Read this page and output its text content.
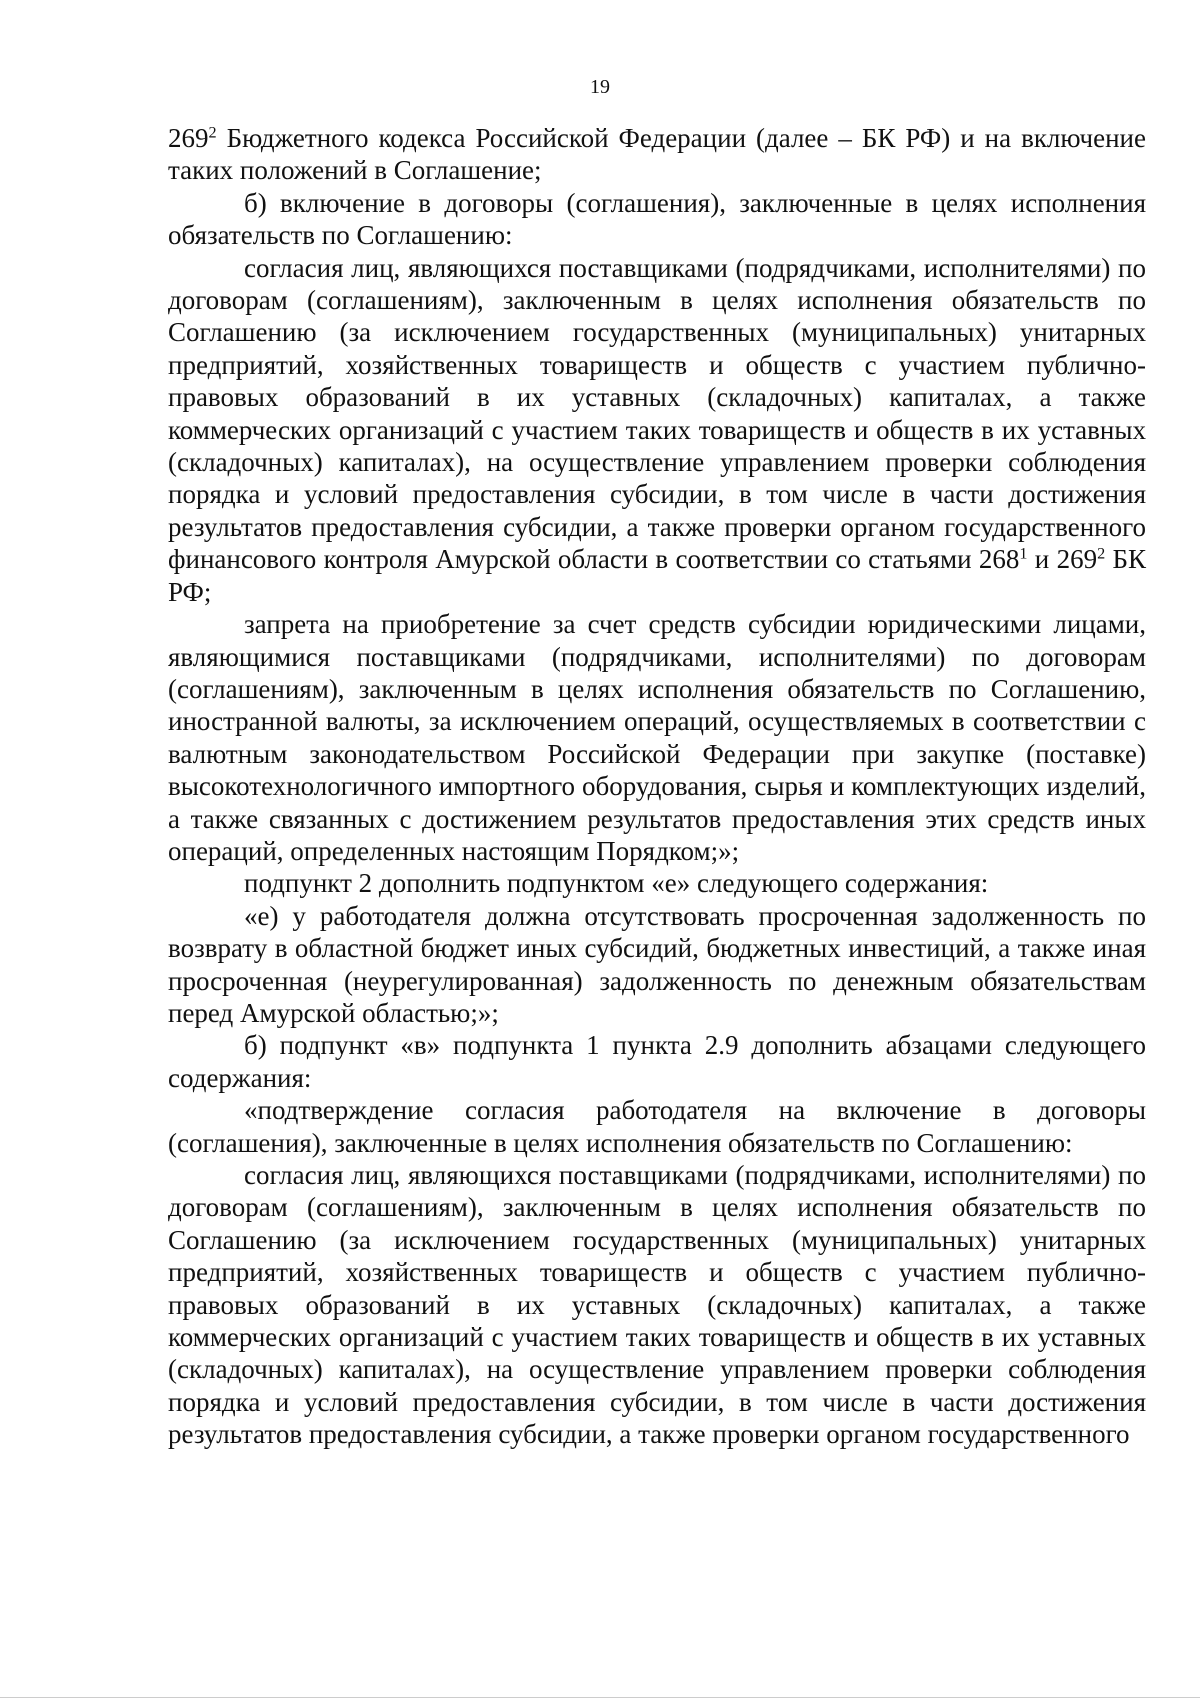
19

$269^2$ Бюджетного кодекса Российской Федерации (далее – БК РФ) и на включение таких положений в Соглашение;

б) включение в договоры (соглашения), заключенные в целях исполнения обязательств по Соглашению:

согласия лиц, являющихся поставщиками (подрядчиками, исполнителями) по договорам (соглашениям), заключенным в целях исполнения обязательств по Соглашению (за исключением государственных (муниципальных) унитарных предприятий, хозяйственных товариществ и обществ с участием публично-правовых образований в их уставных (складочных) капиталах, а также коммерческих организаций с участием таких товариществ и обществ в их уставных (складочных) капиталах), на осуществление управлением проверки соблюдения порядка и условий предоставления субсидии, в том числе в части достижения результатов предоставления субсидии, а также проверки органом государственного финансового контроля Амурской области в соответствии со статьями $268^1$ и $269^2$ БК РФ;

запрета на приобретение за счет средств субсидии юридическими лицами, являющимися поставщиками (подрядчиками, исполнителями) по договорам (соглашениям), заключенным в целях исполнения обязательств по Соглашению, иностранной валюты, за исключением операций, осуществляемых в соответствии с валютным законодательством Российской Федерации при закупке (поставке) высокотехнологичного импортного оборудования, сырья и комплектующих изделий, а также связанных с достижением результатов предоставления этих средств иных операций, определенных настоящим Порядком;»;

подпункт 2 дополнить подпунктом «е» следующего содержания:

«е) у работодателя должна отсутствовать просроченная задолженность по возврату в областной бюджет иных субсидий, бюджетных инвестиций, а также иная просроченная (неурегулированная) задолженность по денежным обязательствам перед Амурской областью;»;

б) подпункт «в» подпункта 1 пункта 2.9 дополнить абзацами следующего содержания:

«подтверждение согласия работодателя на включение в договоры (соглашения), заключенные в целях исполнения обязательств по Соглашению:

согласия лиц, являющихся поставщиками (подрядчиками, исполнителями) по договорам (соглашениям), заключенным в целях исполнения обязательств по Соглашению (за исключением государственных (муниципальных) унитарных предприятий, хозяйственных товариществ и обществ с участием публично-правовых образований в их уставных (складочных) капиталах, а также коммерческих организаций с участием таких товариществ и обществ в их уставных (складочных) капиталах), на осуществление управлением проверки соблюдения порядка и условий предоставления субсидии, в том числе в части достижения результатов предоставления субсидии, а также проверки органом государственного
